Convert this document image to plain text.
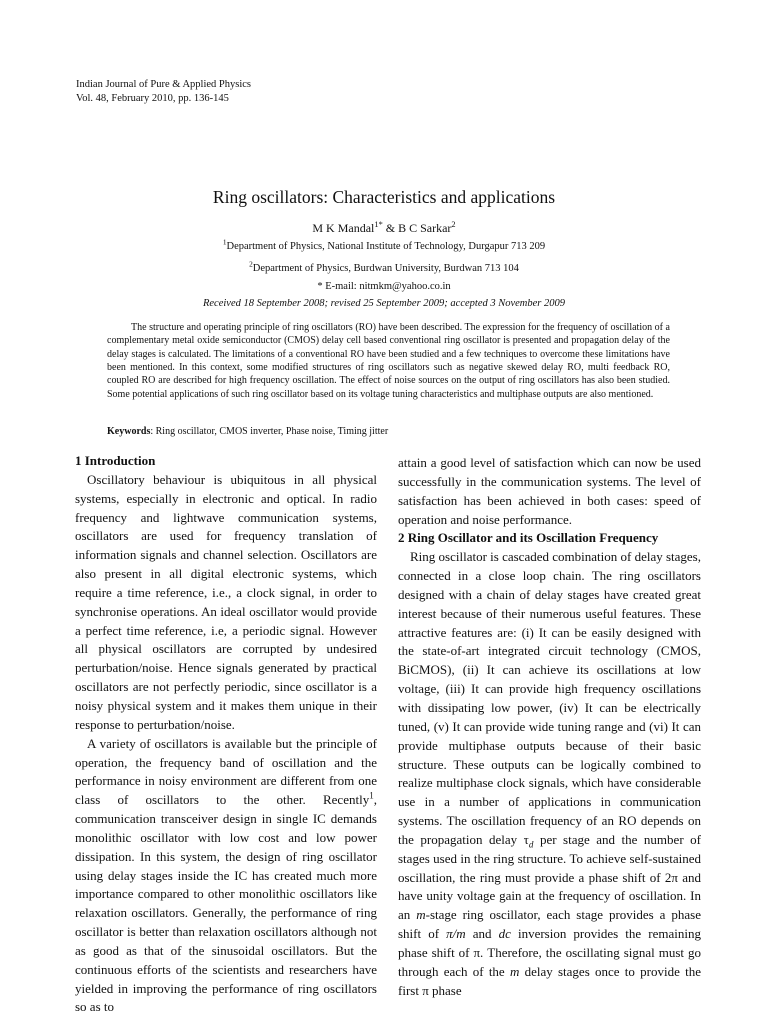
Indian Journal of Pure & Applied Physics
Vol. 48, February 2010, pp. 136-145
Ring oscillators: Characteristics and applications
M K Mandal$^{1*}$ & B C Sarkar$^2$
$^1$Department of Physics, National Institute of Technology, Durgapur 713 209
$^2$Department of Physics, Burdwan University, Burdwan 713 104
* E-mail: nitmkm@yahoo.co.in
Received 18 September 2008; revised 25 September 2009; accepted 3 November 2009

The structure and operating principle of ring oscillators (RO) have been described. The expression for the frequency of oscillation of a complementary metal oxide semiconductor (CMOS) delay cell based conventional ring oscillator is presented and propagation delay of the delay stages is calculated. The limitations of a conventional RO have been studied and a few techniques to overcome these limitations have been mentioned. In this context, some modified structures of ring oscillators such as negative skewed delay RO, multi feedback RO, coupled RO are described for high frequency oscillation. The effect of noise sources on the output of ring oscillators has also been studied. Some potential applications of such ring oscillator based on its voltage tuning characteristics and multiphase outputs are also mentioned.

Keywords: Ring oscillator, CMOS inverter, Phase noise, Timing jitter

1 Introduction

Oscillatory behaviour is ubiquitous in all physical systems, especially in electronic and optical. In radio frequency and lightwave communication systems, oscillators are used for frequency translation of information signals and channel selection. Oscillators are also present in all digital electronic systems, which require a time reference, i.e., a clock signal, in order to synchronise operations. An ideal oscillator would provide a perfect time reference, i.e, a periodic signal. However all physical oscillators are corrupted by undesired perturbation/noise. Hence signals generated by practical oscillators are not perfectly periodic, since oscillator is a noisy physical system and it makes them unique in their response to perturbation/noise.

A variety of oscillators is available but the principle of operation, the frequency band of oscillation and the performance in noisy environment are different from one class of oscillators to the other. Recently$^1$, communication transceiver design in single IC demands monolithic oscillator with low cost and low power dissipation. In this system, the design of ring oscillator using delay stages inside the IC has created much more importance compared to other monolithic oscillators like relaxation oscillators. Generally, the performance of ring oscillator is better than relaxation oscillators although not as good as that of the sinusoidal oscillators. But the continuous efforts of the scientists and researchers have yielded in improving the performance of ring oscillators so as to

attain a good level of satisfaction which can now be used successfully in the communication systems. The level of satisfaction has been achieved in both cases: speed of operation and noise performance.

2 Ring Oscillator and its Oscillation Frequency

Ring oscillator is cascaded combination of delay stages, connected in a close loop chain. The ring oscillators designed with a chain of delay stages have created great interest because of their numerous useful features. These attractive features are: (i) It can be easily designed with the state-of-art integrated circuit technology (CMOS, BiCMOS), (ii) It can achieve its oscillations at low voltage, (iii) It can provide high frequency oscillations with dissipating low power, (iv) It can be electrically tuned, (v) It can provide wide tuning range and (vi) It can provide multiphase outputs because of their basic structure. These outputs can be logically combined to realize multiphase clock signals, which have considerable use in a number of applications in communication systems. The oscillation frequency of an RO depends on the propagation delay $\tau_d$ per stage and the number of stages used in the ring structure. To achieve self-sustained oscillation, the ring must provide a phase shift of 2π and have unity voltage gain at the frequency of oscillation. In an m-stage ring oscillator, each stage provides a phase shift of π/m and dc inversion provides the remaining phase shift of π. Therefore, the oscillating signal must go through each of the m delay stages once to provide the first π phase
